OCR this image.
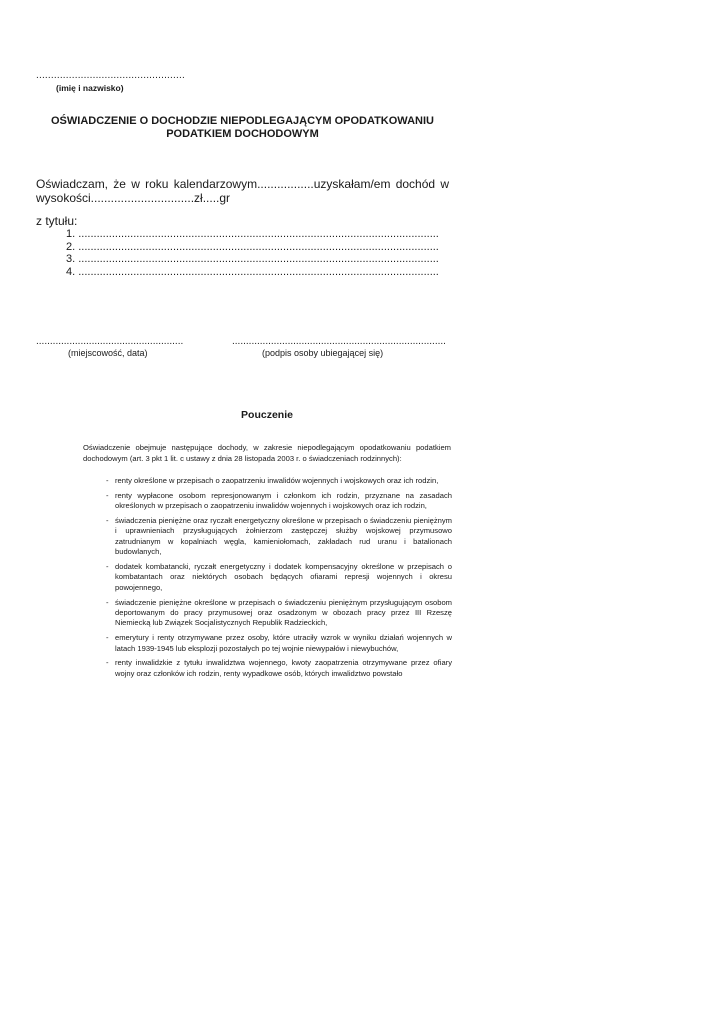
..................................................
(imię i nazwisko)
OŚWIADCZENIE O DOCHODZIE NIEPODLEGAJĄCYM OPODATKOWANIU
PODATKIEM DOCHODOWYM
Oświadczam, że w roku kalendarzowym.................uzyskałam/em dochód w wysokości...............................zł.....gr
z tytułu:
1. ......................................................................................................................
2. ......................................................................................................................
3. ......................................................................................................................
4. ......................................................................................................................
.....................................................	.............................................................................
(miejscowość, data)	(podpis osoby ubiegającej się)
Pouczenie
Oświadczenie obejmuje następujące dochody, w zakresie niepodlegającym opodatkowaniu podatkiem dochodowym (art. 3 pkt 1 lit. c ustawy z dnia 28 listopada 2003 r. o świadczeniach rodzinnych):
- renty określone w przepisach o zaopatrzeniu inwalidów wojennych i wojskowych oraz ich rodzin,
- renty wypłacone osobom represjonowanym i członkom ich rodzin, przyznane na zasadach określonych w przepisach o zaopatrzeniu inwalidów wojennych i wojskowych oraz ich rodzin,
- świadczenia pieniężne oraz ryczałt energetyczny określone w przepisach o świadczeniu pieniężnym i uprawnieniach przysługujących żołnierzom zastępczej służby wojskowej przymusowo zatrudnianym w kopalniach węgla, kamieniołomach, zakładach rud uranu i batalionach budowlanych,
- dodatek kombatancki, ryczałt energetyczny i dodatek kompensacyjny określone w przepisach o kombatantach oraz niektórych osobach będących ofiarami represji wojennych i okresu powojennego,
- świadczenie pieniężne określone w przepisach o świadczeniu pieniężnym przysługującym osobom deportowanym do pracy przymusowej oraz osadzonym w obozach pracy przez III Rzeszę Niemiecką lub Związek Socjalistycznych Republik Radzieckich,
- emerytury i renty otrzymywane przez osoby, które utraciły wzrok w wyniku działań wojennych w latach 1939-1945 lub eksplozji pozostałych po tej wojnie niewypałów i niewybuchów,
- renty inwalidzkie z tytułu inwalidztwa wojennego, kwoty zaopatrzenia otrzymywane przez ofiary wojny oraz członków ich rodzin, renty wypadkowe osób, których inwalidztwo powstało
